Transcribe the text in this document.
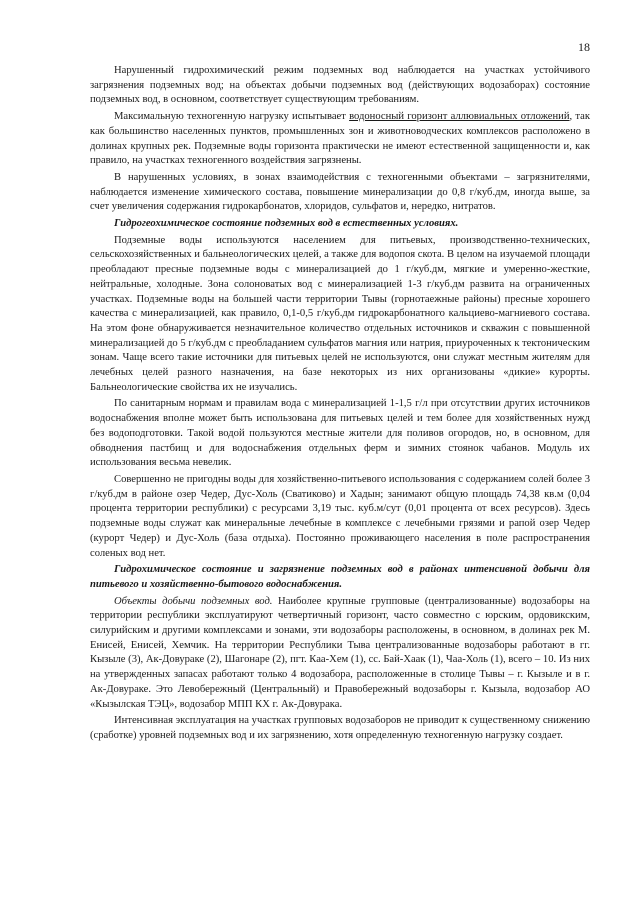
18

Нарушенный гидрохимический режим подземных вод наблюдается на участках устойчивого загрязнения подземных вод; на объектах добычи подземных вод (действующих водозаборах) состояние подземных вод, в основном, соответствует существующим требованиям.

Максимальную техногенную нагрузку испытывает водоносный горизонт аллювиальных отложений, так как большинство населенных пунктов, промышленных зон и животноводческих комплексов расположено в долинах крупных рек. Подземные воды горизонта практически не имеют естественной защищенности и, как правило, на участках техногенного воздействия загрязнены.

В нарушенных условиях, в зонах взаимодействия с техногенными объектами – загрязнителями, наблюдается изменение химического состава, повышение минерализации до 0,8 г/куб.дм, иногда выше, за счет увеличения содержания гидрокарбонатов, хлоридов, сульфатов и, нередко, нитратов.

Гидрогеохимическое состояние подземных вод в естественных условиях.

Подземные воды используются населением для питьевых, производственно-технических, сельскохозяйственных и бальнеологических целей, а также для водопоя скота. В целом на изучаемой площади преобладают пресные подземные воды с минерализацией до 1 г/куб.дм, мягкие и умеренно-жесткие, нейтральные, холодные. Зона солоноватых вод с минерализацией 1-3 г/куб.дм развита на ограниченных участках. Подземные воды на большей части территории Тывы (горнотаежные районы) пресные хорошего качества с минерализацией, как правило, 0,1-0,5 г/куб.дм гидрокарбонатного кальциево-магниевого состава. На этом фоне обнаруживается незначительное количество отдельных источников и скважин с повышенной минерализацией до 5 г/куб.дм с преобладанием сульфатов магния или натрия, приуроченных к тектоническим зонам. Чаще всего такие источники для питьевых целей не используются, они служат местным жителям для лечебных целей разного назначения, на базе некоторых из них организованы «дикие» курорты. Бальнеологические свойства их не изучались.

По санитарным нормам и правилам вода с минерализацией 1-1,5 г/л при отсутствии других источников водоснабжения вполне может быть использована для питьевых целей и тем более для хозяйственных нужд без водоподготовки. Такой водой пользуются местные жители для поливов огородов, но, в основном, для обводнения пастбищ и для водоснабжения отдельных ферм и зимних стоянок чабанов. Модуль их использования весьма невелик.

Совершенно не пригодны воды для хозяйственно-питьевого использования с содержанием солей более 3 г/куб.дм в районе озер Чедер, Дус-Холь (Сватиково) и Хадын; занимают общую площадь 74,38 кв.м (0,04 процента территории республики) с ресурсами 3,19 тыс. куб.м/сут (0,01 процента от всех ресурсов). Здесь подземные воды служат как минеральные лечебные в комплексе с лечебными грязями и рапой озер Чедер (курорт Чедер) и Дус-Холь (база отдыха). Постоянно проживающего населения в поле распространения соленых вод нет.

Гидрохимическое состояние и загрязнение подземных вод в районах интенсивной добычи для питьевого и хозяйственно-бытового водоснабжения.

Объекты добычи подземных вод. Наиболее крупные групповые (централизованные) водозаборы на территории республики эксплуатируют четвертичный горизонт, часто совместно с юрским, ордовикским, силурийским и другими комплексами и зонами, эти водозаборы расположены, в основном, в долинах рек М. Енисей, Енисей, Хемчик. На территории Республики Тыва централизованные водозаборы работают в гг. Кызыле (3), Ак-Довураке (2), Шагонаре (2), пгт. Каа-Хем (1), сс. Бай-Хаак (1), Чаа-Холь (1), всего – 10. Из них на утвержденных запасах работают только 4 водозабора, расположенные в столице Тывы – г. Кызыле и в г. Ак-Довураке. Это Левобережный (Центральный) и Правобережный водозаборы г. Кызыла, водозабор АО «Кызылская ТЭЦ», водозабор МПП КХ г. Ак-Довурака.

Интенсивная эксплуатация на участках групповых водозаборов не приводит к существенному снижению (сработке) уровней подземных вод и их загрязнению, хотя определенную техногенную нагрузку создает.
